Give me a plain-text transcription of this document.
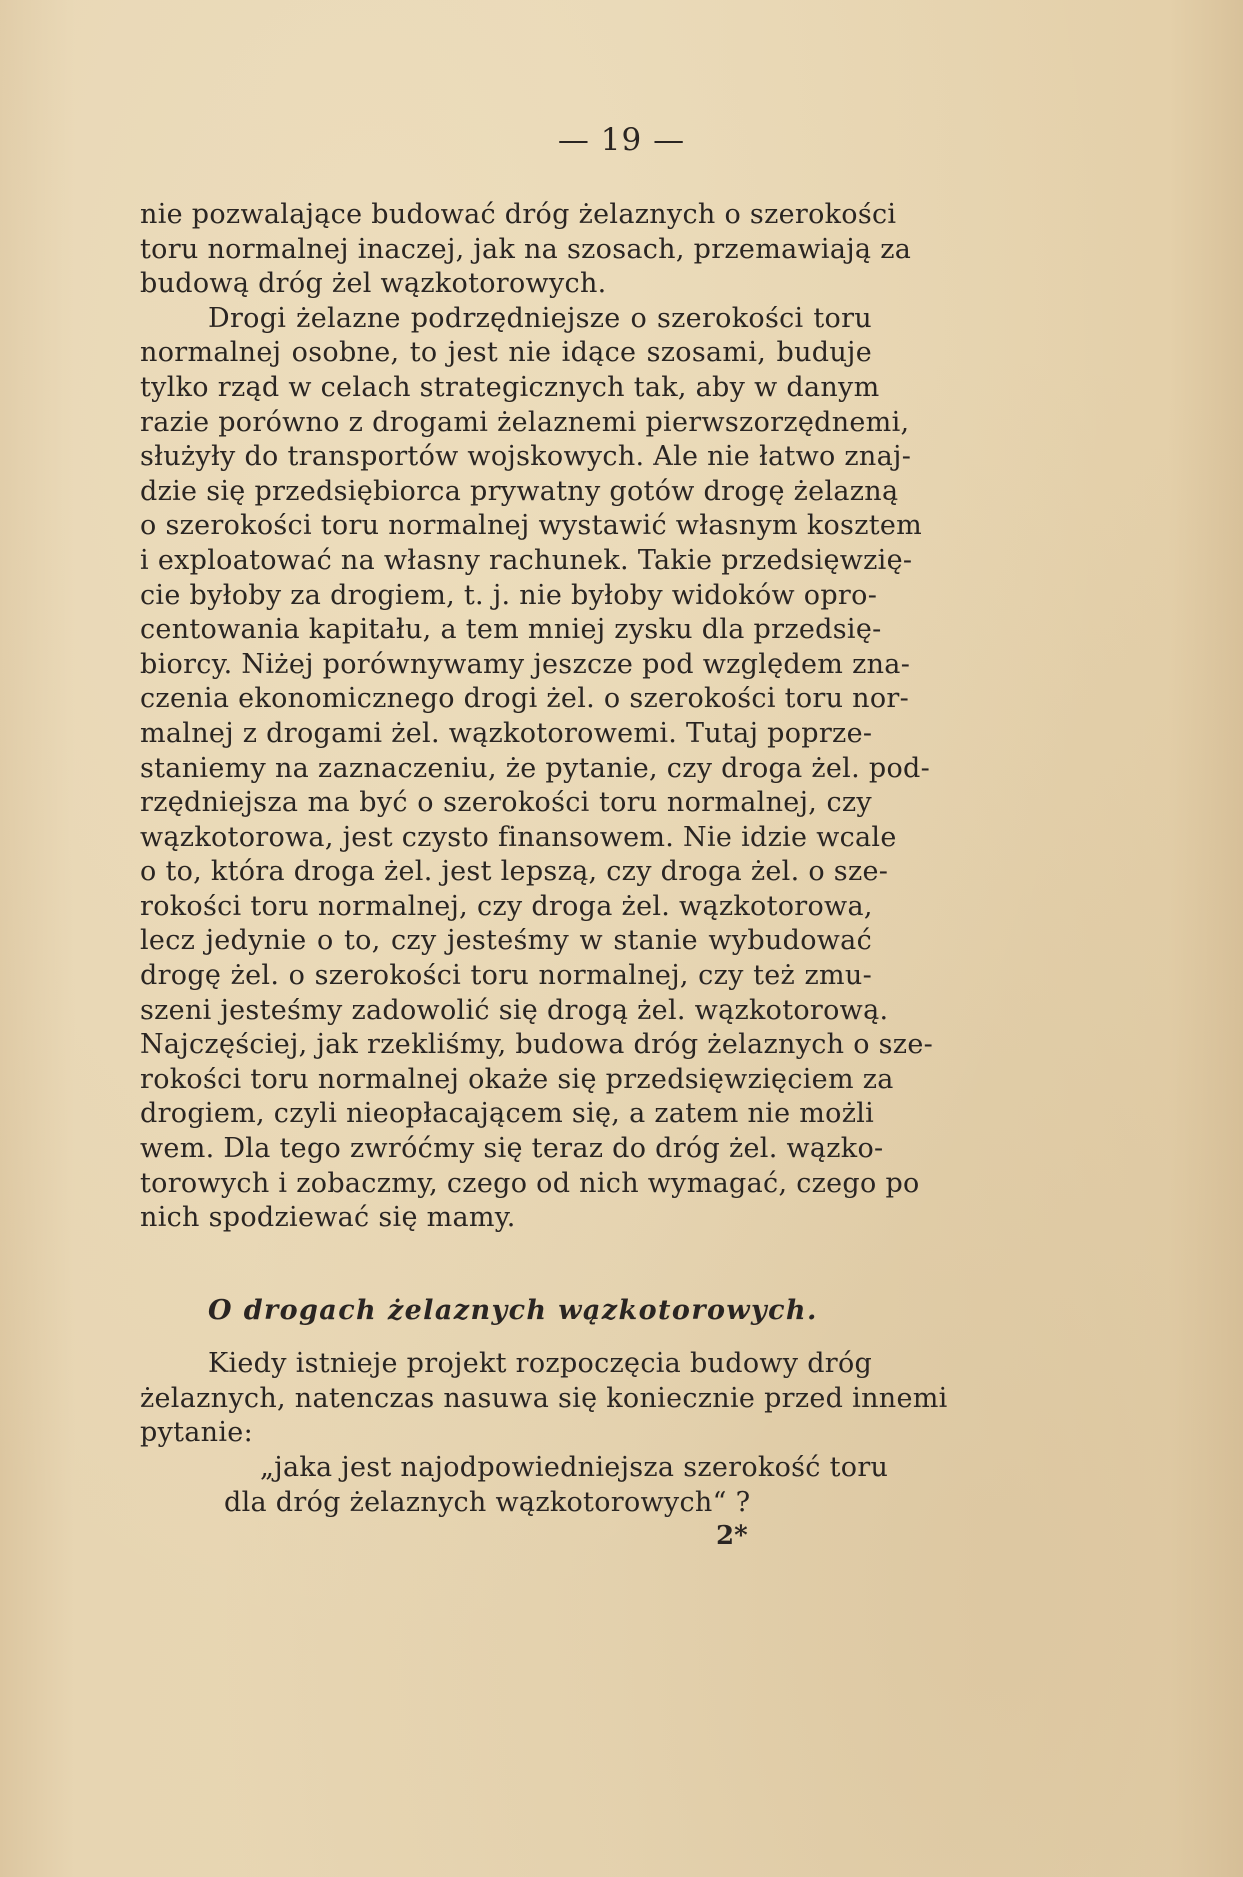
— 19 —
nie pozwalające budować dróg żelaznych o szerokości
toru normalnej inaczej, jak na szosach, przemawiają za
budową dróg żel wązkotorowych.
Drogi żelazne podrzędniejsze o szerokości toru
normalnej osobne, to jest nie idące szosami, buduje
tylko rząd w celach strategicznych tak, aby w danym
razie porówno z drogami żelaznemi pierwszorzędnemi,
służyły do transportów wojskowych. Ale nie łatwo znaj-
dzie się przedsiębiorca prywatny gotów drogę żelazną
o szerokości toru normalnej wystawić własnym kosztem
i exploatować na własny rachunek. Takie przedsięwzię-
cie byłoby za drogiem, t. j. nie byłoby widoków opro-
centowania kapitału, a tem mniej zysku dla przedsię-
biorcy. Niżej porównywamy jeszcze pod względem zna-
czenia ekonomicznego drogi żel. o szerokości toru nor-
malnej z drogami żel. wązkotorowemi. Tutaj poprze-
staniemy na zaznaczeniu, że pytanie, czy droga żel. pod-
rzędniejsza ma być o szerokości toru normalnej, czy
wązkotorowa, jest czysto finansowem. Nie idzie wcale
o to, która droga żel. jest lepszą, czy droga żel. o sze-
rokości toru normalnej, czy droga żel. wązkotorowa,
lecz jedynie o to, czy jesteśmy w stanie wybudować
drogę żel. o szerokości toru normalnej, czy też zmu-
szeni jesteśmy zadowolić się drogą żel. wązkotorową.
Najczęściej, jak rzekliśmy, budowa dróg żelaznych o sze-
rokości toru normalnej okaże się przedsięwzięciem za
drogiem, czyli nieopłacającem się, a zatem nie możli
wem. Dla tego zwróćmy się teraz do dróg żel. wązko-
torowych i zobaczmy, czego od nich wymagać, czego po
nich spodziewać się mamy.
O drogach żelaznych wązkotorowych.
Kiedy istnieje projekt rozpoczęcia budowy dróg
żelaznych, natenczas nasuwa się koniecznie przed innemi
pytanie:
„jaka jest najodpowiedniejsza szerokość toru
dla dróg żelaznych wązkotorowych“ ?
2*
